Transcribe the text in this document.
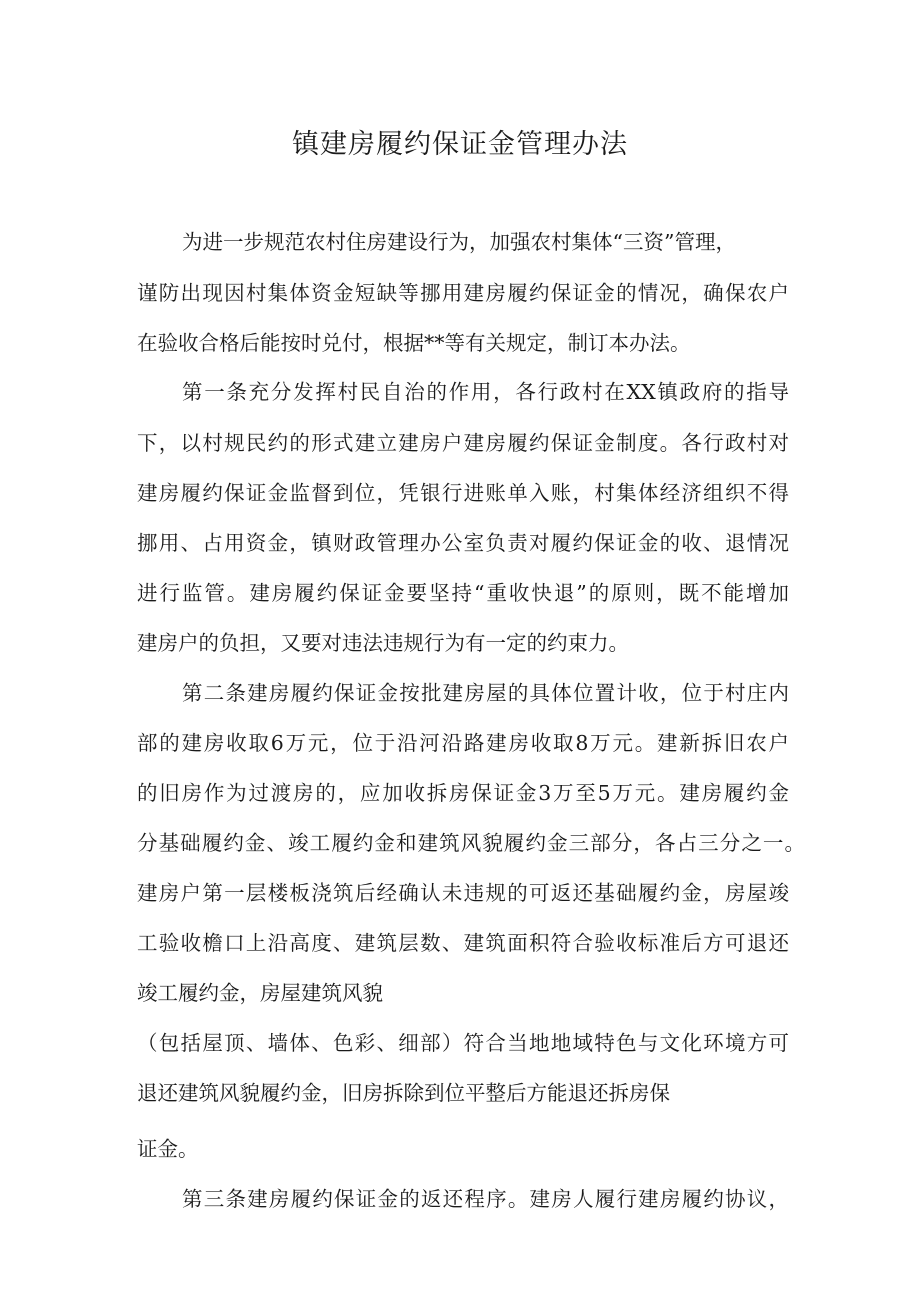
镇建房履约保证金管理办法

为进一步规范农村住房建设行为，加强农村集体“三资”管理，

谨防出现因村集体资金短缺等挪用建房履约保证金的情况，确保农户

在验收合格后能按时兑付，根据**等有关规定，制订本办法。

第一条充分发挥村民自治的作用，各行政村在XX镇政府的指导

下，以村规民约的形式建立建房户建房履约保证金制度。各行政村对

建房履约保证金监督到位，凭银行进账单入账，村集体经济组织不得

挪用、占用资金，镇财政管理办公室负责对履约保证金的收、退情况

进行监管。建房履约保证金要坚持“重收快退”的原则，既不能增加

建房户的负担，又要对违法违规行为有一定的约束力。

第二条建房履约保证金按批建房屋的具体位置计收，位于村庄内

部的建房收取6万元，位于沿河沿路建房收取8万元。建新拆旧农户

的旧房作为过渡房的，应加收拆房保证金3万至5万元。建房履约金

分基础履约金、竣工履约金和建筑风貌履约金三部分，各占三分之一。

建房户第一层楼板浇筑后经确认未违规的可返还基础履约金，房屋竣

工验收檐口上沿高度、建筑层数、建筑面积符合验收标准后方可退还

竣工履约金，房屋建筑风貌

（包括屋顶、墙体、色彩、细部）符合当地地域特色与文化环境方可

退还建筑风貌履约金，旧房拆除到位平整后方能退还拆房保

证金。

第三条建房履约保证金的返还程序。建房人履行建房履约协议，
